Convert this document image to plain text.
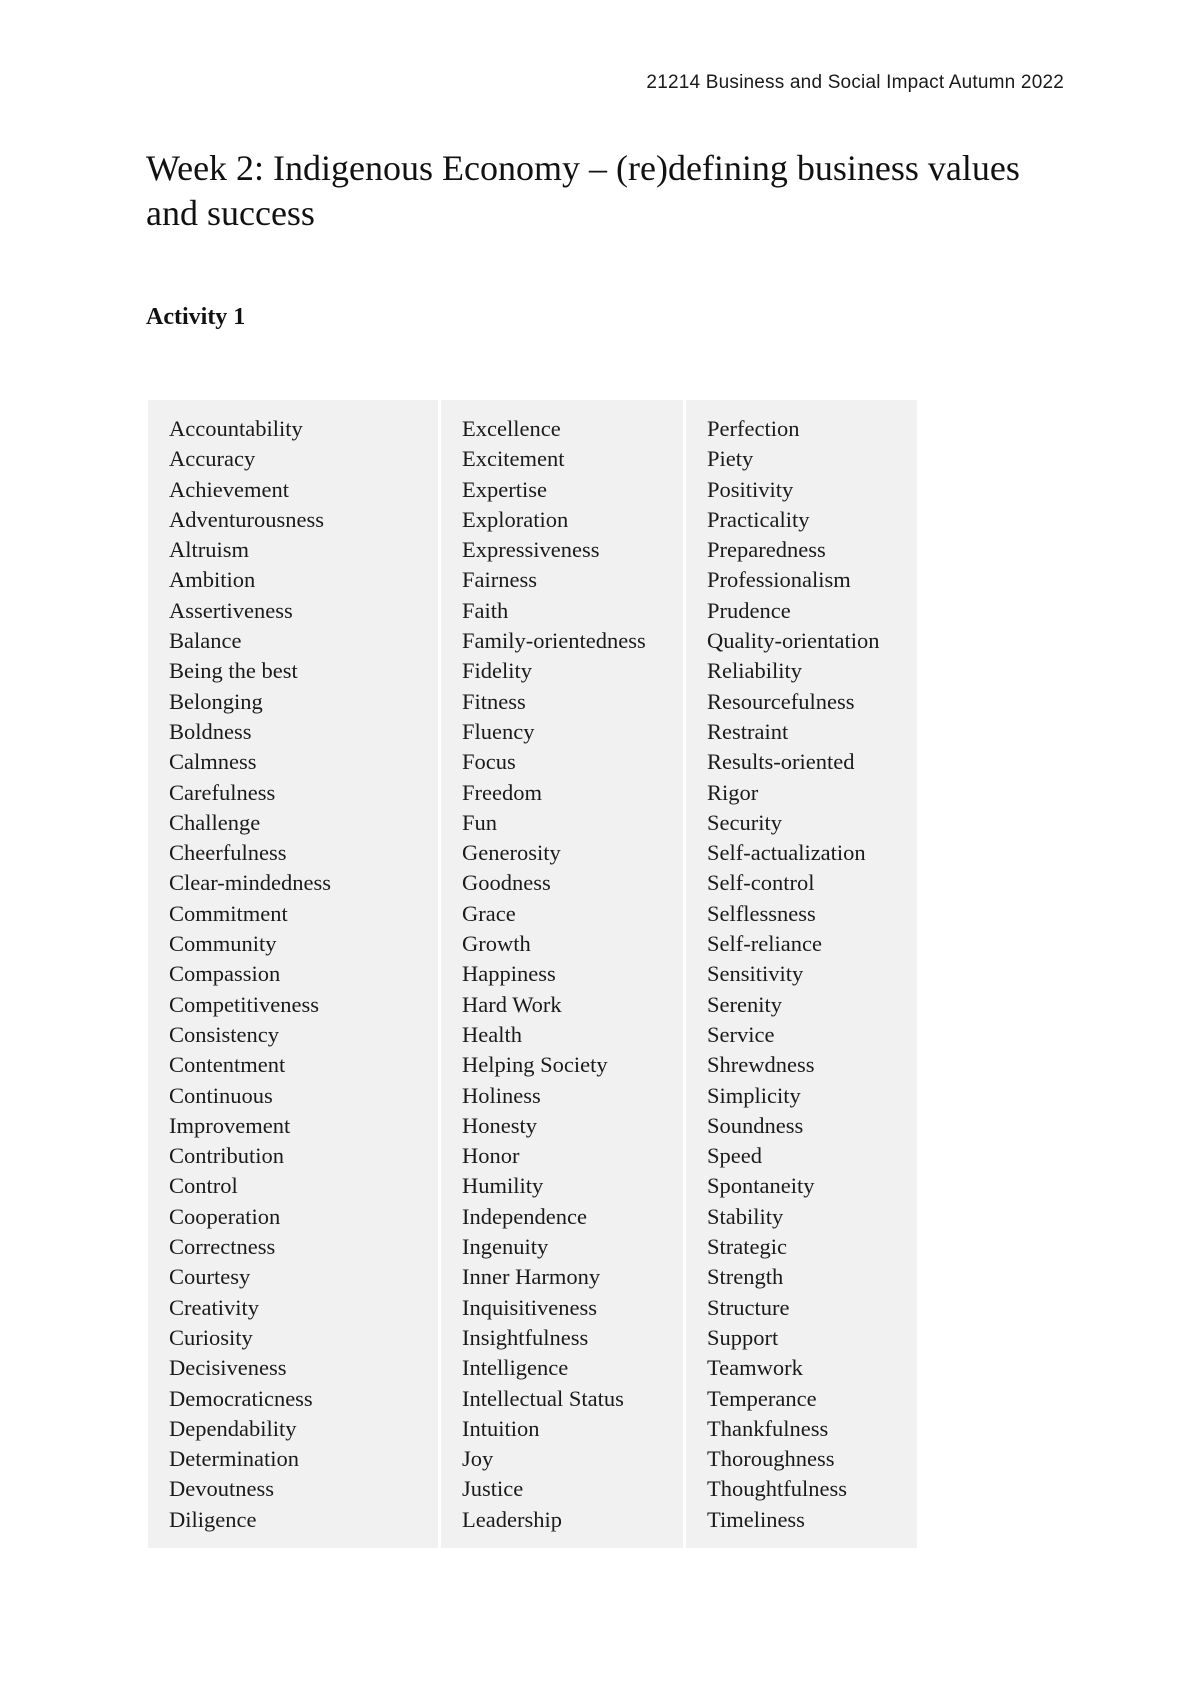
21214 Business and Social Impact Autumn 2022

Week 2: Indigenous Economy – (re)defining business values and success
Activity 1
Accountability
Accuracy
Achievement
Adventurousness
Altruism
Ambition
Assertiveness
Balance
Being the best
Belonging
Boldness
Calmness
Carefulness
Challenge
Cheerfulness
Clear-mindedness
Commitment
Community
Compassion
Competitiveness
Consistency
Contentment
Continuous
Improvement
Contribution
Control
Cooperation
Correctness
Courtesy
Creativity
Curiosity
Decisiveness
Democraticness
Dependability
Determination
Devoutness
Diligence
Excellence
Excitement
Expertise
Exploration
Expressiveness
Fairness
Faith
Family-orientedness
Fidelity
Fitness
Fluency
Focus
Freedom
Fun
Generosity
Goodness
Grace
Growth
Happiness
Hard Work
Health
Helping Society
Holiness
Honesty
Honor
Humility
Independence
Ingenuity
Inner Harmony
Inquisitiveness
Insightfulness
Intelligence
Intellectual Status
Intuition
Joy
Justice
Leadership
Perfection
Piety
Positivity
Practicality
Preparedness
Professionalism
Prudence
Quality-orientation
Reliability
Resourcefulness
Restraint
Results-oriented
Rigor
Security
Self-actualization
Self-control
Selflessness
Self-reliance
Sensitivity
Serenity
Service
Shrewdness
Simplicity
Soundness
Speed
Spontaneity
Stability
Strategic
Strength
Structure
Support
Teamwork
Temperance
Thankfulness
Thoroughness
Thoughtfulness
Timeliness
